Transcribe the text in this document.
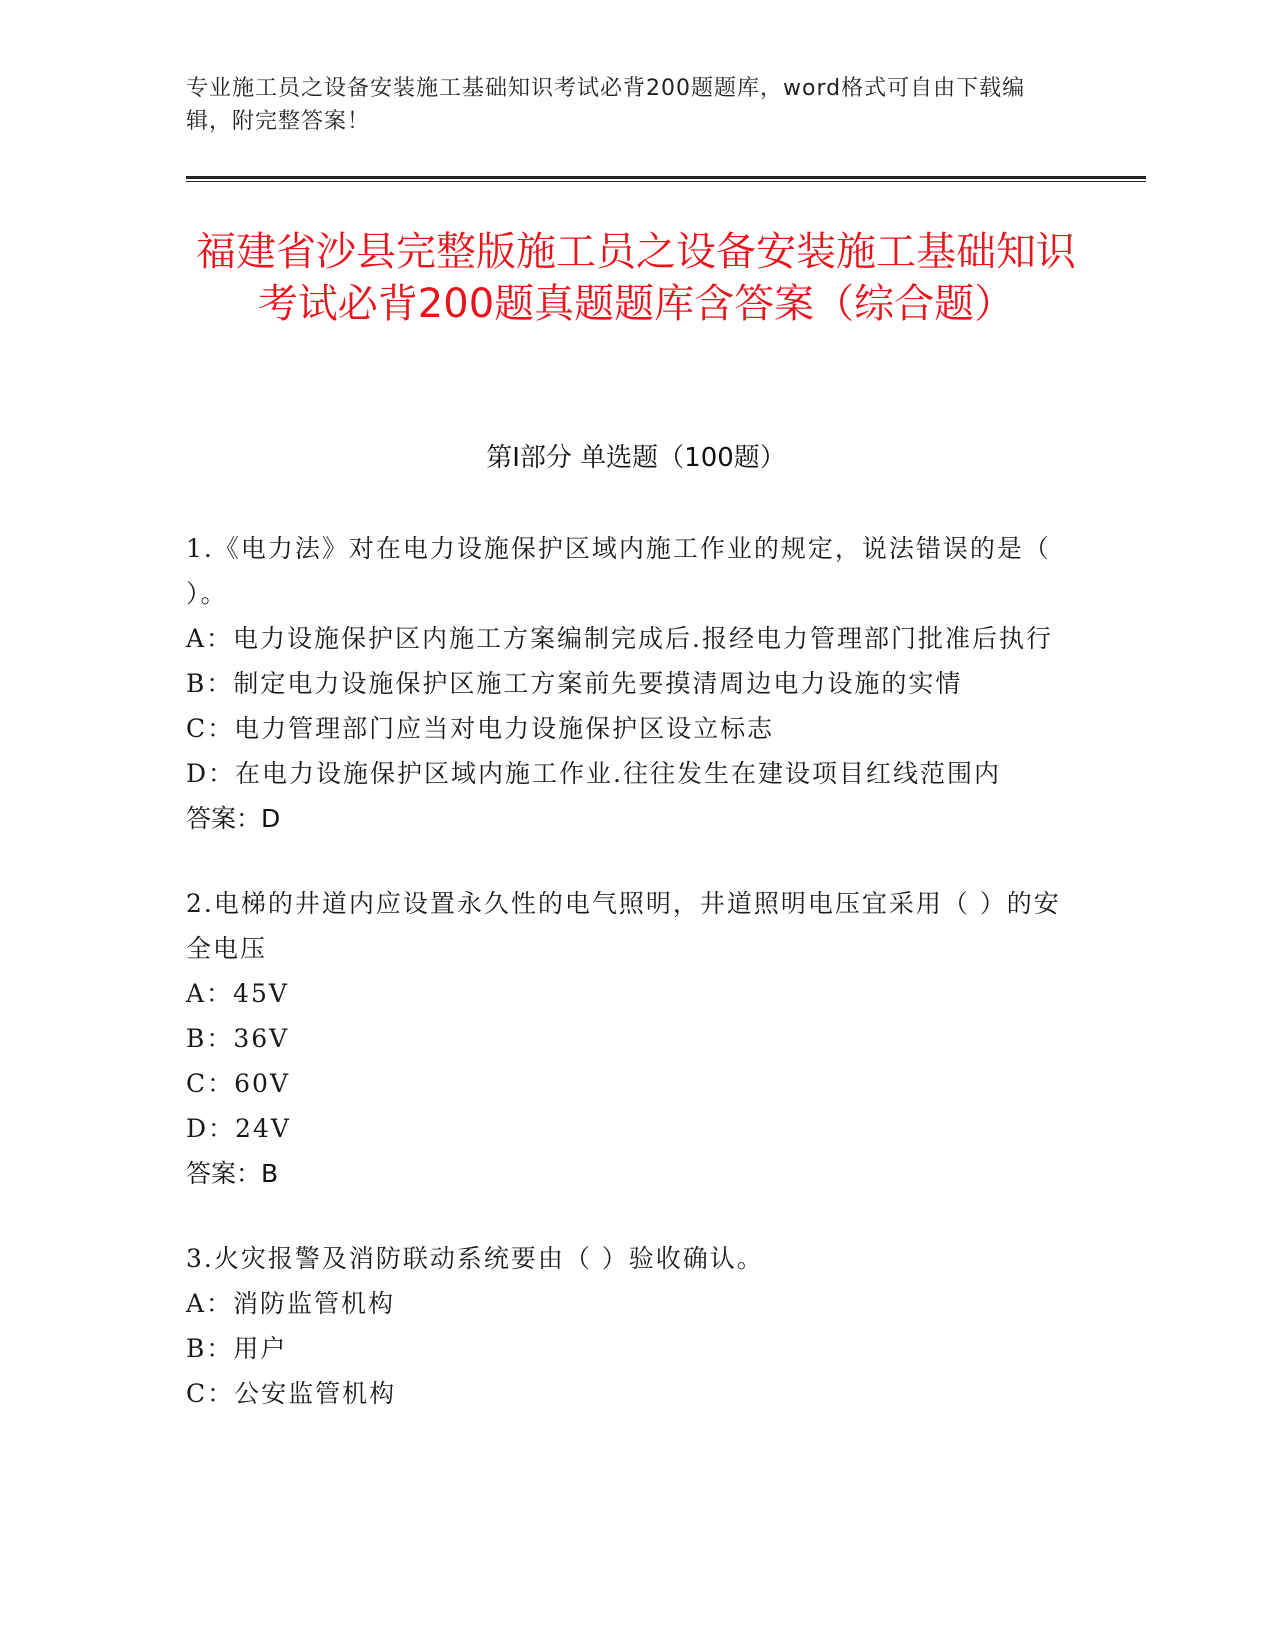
专业施工员之设备安装施工基础知识考试必背200题题库，word格式可自由下载编辑，附完整答案！
福建省沙县完整版施工员之设备安装施工基础知识考试必背200题真题题库含答案（综合题）
第I部分 单选题（100题）

1.《电力法》对在电力设施保护区域内施工作业的规定，说法错误的是（ ）。

A：电力设施保护区内施工方案编制完成后.报经电力管理部门批准后执行

B：制定电力设施保护区施工方案前先要摸清周边电力设施的实情

C：电力管理部门应当对电力设施保护区设立标志

D：在电力设施保护区域内施工作业.往往发生在建设项目红线范围内

答案：D

2.电梯的井道内应设置永久性的电气照明，井道照明电压宜采用（ ）的安全电压

A：45V

B：36V

C：60V

D：24V

答案：B

3.火灾报警及消防联动系统要由（ ）验收确认。

A：消防监管机构

B：用户

C：公安监管机构
